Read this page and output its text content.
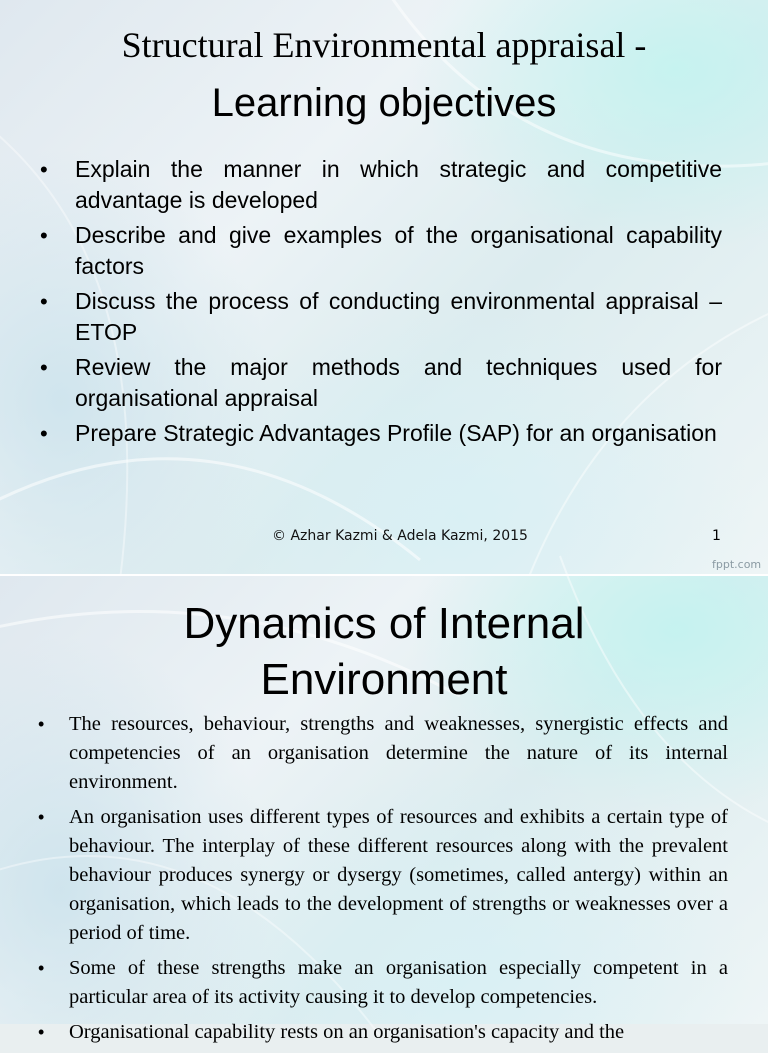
Structural Environmental appraisal -
Learning objectives
• Explain the manner in which strategic and competitive advantage is developed
• Describe and give examples of the organisational capability factors
• Discuss the process of conducting environmental appraisal – ETOP
• Review the major methods and techniques used for organisational appraisal
• Prepare Strategic Advantages Profile (SAP) for an organisation
© Azhar Kazmi & Adela Kazmi, 2015	1
fppt.com
Dynamics of Internal
Environment
• The resources, behaviour, strengths and weaknesses, synergistic effects and competencies of an organisation determine the nature of its internal environment.
• An organisation uses different types of resources and exhibits a certain type of behaviour. The interplay of these different resources along with the prevalent behaviour produces synergy or dysergy (sometimes, called antergy) within an organisation, which leads to the development of strengths or weaknesses over a period of time.
• Some of these strengths make an organisation especially competent in a particular area of its activity causing it to develop competencies.
• Organisational capability rests on an organisation's capacity and the
